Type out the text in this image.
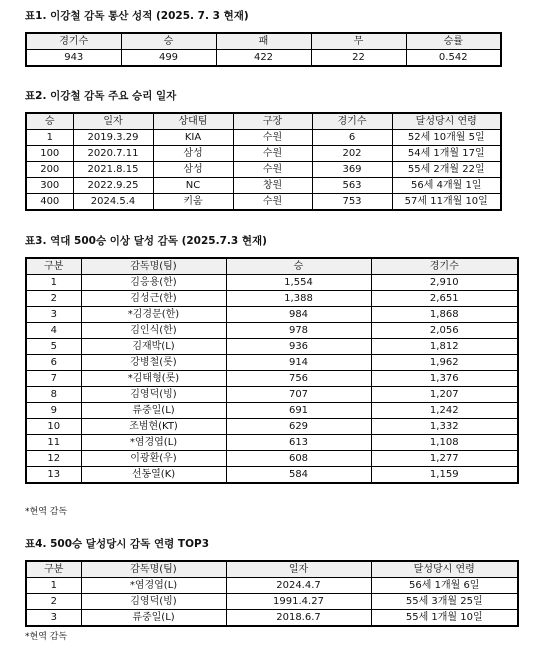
표1. 이강철 감독 통산 성적 (2025. 7. 3 현재)
경기수	승	패	무	승률
943	499	422	22	0.542
표2. 이강철 감독 주요 승리 일자
승	일자	상대팀	구장	경기수	달성당시 연령
1	2019.3.29	KIA	수원	6	52세 10개월 5일
100	2020.7.11	삼성	수원	202	54세 1개월 17일
200	2021.8.15	삼성	수원	369	55세 2개월 22일
300	2022.9.25	NC	창원	563	56세 4개월 1일
400	2024.5.4	키움	수원	753	57세 11개월 10일
표3. 역대 500승 이상 달성 감독 (2025.7.3 현재)
구분	감독명(팀)	승	경기수
1	김응용(한)	1,554	2,910
2	김성근(한)	1,388	2,651
3	*김경문(한)	984	1,868
4	김인식(한)	978	2,056
5	김재박(L)	936	1,812
6	강병철(롯)	914	1,962
7	*김태형(롯)	756	1,376
8	김영덕(빙)	707	1,207
9	류중일(L)	691	1,242
10	조범현(KT)	629	1,332
11	*염경엽(L)	613	1,108
12	이광환(우)	608	1,277
13	선동열(K)	584	1,159
*현역 감독
표4. 500승 달성당시 감독 연령 TOP3
구분	감독명(팀)	일자	달성당시 연령
1	*염경엽(L)	2024.4.7	56세 1개월 6일
2	김영덕(빙)	1991.4.27	55세 3개월 25일
3	류중일(L)	2018.6.7	55세 1개월 10일
*현역 감독
